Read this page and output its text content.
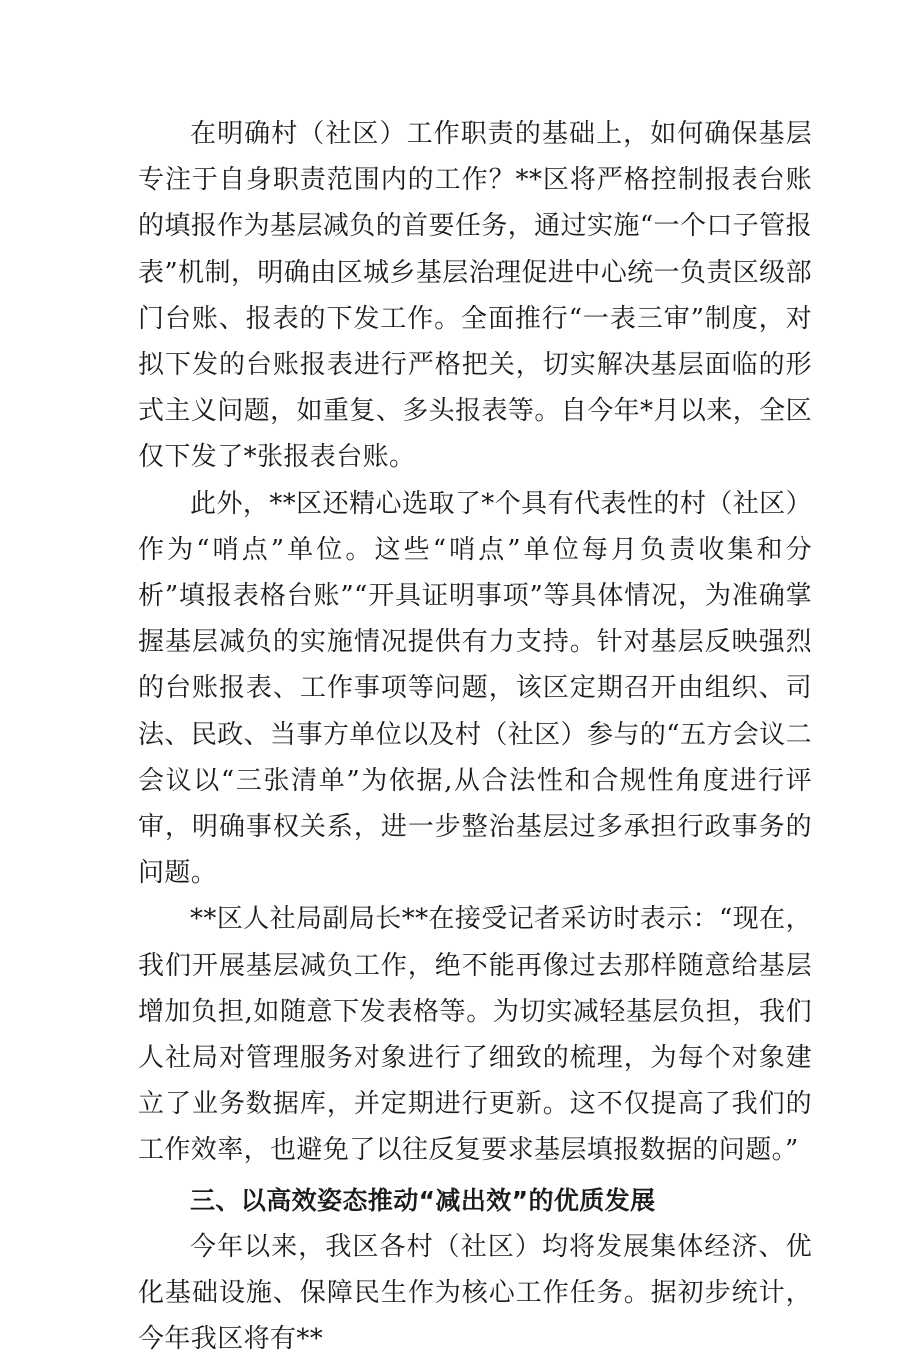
在明确村（社区）工作职责的基础上，如何确保基层专注于自身职责范围内的工作？**区将严格控制报表台账的填报作为基层减负的首要任务，通过实施“一个口子管报表”机制，明确由区城乡基层治理促进中心统一负责区级部门台账、报表的下发工作。全面推行“一表三审”制度，对拟下发的台账报表进行严格把关，切实解决基层面临的形式主义问题，如重复、多头报表等。自今年*月以来，全区仅下发了*张报表台账。

此外，**区还精心选取了*个具有代表性的村（社区）作为“哨点”单位。这些“哨点”单位每月负责收集和分析”填报表格台账”“开具证明事项”等具体情况，为准确掌握基层减负的实施情况提供有力支持。针对基层反映强烈的台账报表、工作事项等问题，该区定期召开由组织、司法、民政、当事方单位以及村（社区）参与的“五方会议二会议以“三张清单”为依据,从合法性和合规性角度进行评审，明确事权关系，进一步整治基层过多承担行政事务的问题。

**区人社局副局长**在接受记者采访时表示：“现在，我们开展基层减负工作，绝不能再像过去那样随意给基层增加负担,如随意下发表格等。为切实减轻基层负担，我们人社局对管理服务对象进行了细致的梳理，为每个对象建立了业务数据库，并定期进行更新。这不仅提高了我们的工作效率，也避免了以往反复要求基层填报数据的问题。”

三、以高效姿态推动“减出效”的优质发展

今年以来，我区各村（社区）均将发展集体经济、优化基础设施、保障民生作为核心工作任务。据初步统计，今年我区将有**
